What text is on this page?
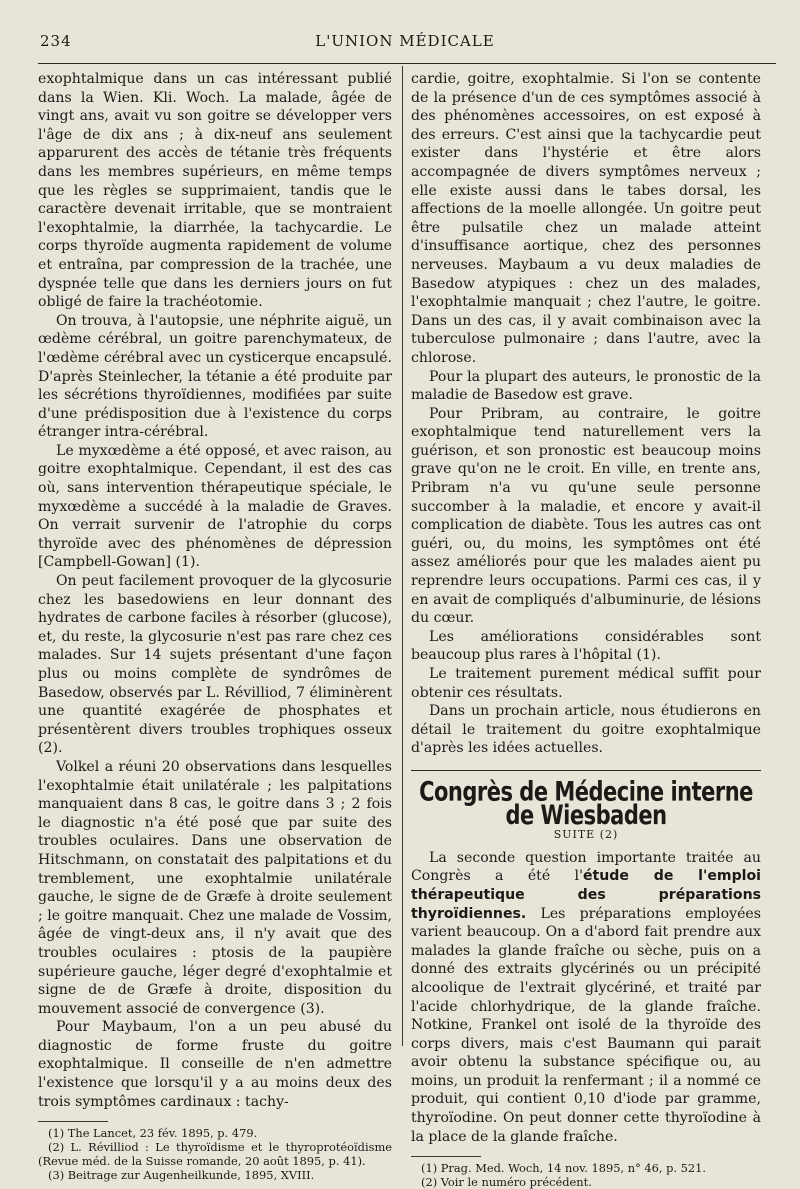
234	L'UNION MÉDICALE

exophtalmique dans un cas intéressant publié dans la Wien. Kli. Woch. La malade, âgée de vingt ans, avait vu son goitre se développer vers l'âge de dix ans ; à dix-neuf ans seulement apparurent des accès de tétanie très fréquents dans les membres supérieurs, en même temps que les règles se supprimaient, tandis que le caractère devenait irritable, que se montraient l'exophtalmie, la diarrhée, la tachycardie. Le corps thyroïde augmenta rapidement de volume et entraîna, par compression de la trachée, une dyspnée telle que dans les derniers jours on fut obligé de faire la trachéotomie.

On trouva, à l'autopsie, une néphrite aiguë, un œdème cérébral, un goitre parenchymateux, de l'œdème cérébral avec un cysticerque encapsulé. D'après Steinlecher, la tétanie a été produite par les sécrétions thyroïdiennes, modifiées par suite d'une prédisposition due à l'existence du corps étranger intra-cérébral.

Le myxœdème a été opposé, et avec raison, au goitre exophtalmique. Cependant, il est des cas où, sans intervention thérapeutique spéciale, le myxœdème a succédé à la maladie de Graves. On verrait survenir de l'atrophie du corps thyroïde avec des phénomènes de dépression [Campbell-Gowan] (1).

On peut facilement provoquer de la glycosurie chez les basedowiens en leur donnant des hydrates de carbone faciles à résorber (glucose), et, du reste, la glycosurie n'est pas rare chez ces malades. Sur 14 sujets présentant d'une façon plus ou moins complète de syndrômes de Basedow, observés par L. Révilliod, 7 éliminèrent une quantité exagérée de phosphates et présentèrent divers troubles trophiques osseux (2).

Volkel a réuni 20 observations dans lesquelles l'exophtalmie était unilatérale ; les palpitations manquaient dans 8 cas, le goitre dans 3 ; 2 fois le diagnostic n'a été posé que par suite des troubles oculaires. Dans une observation de Hitschmann, on constatait des palpitations et du tremblement, une exophtalmie unilatérale gauche, le signe de de Græfe à droite seulement ; le goitre manquait. Chez une malade de Vossim, âgée de vingt-deux ans, il n'y avait que des troubles oculaires : ptosis de la paupière supérieure gauche, léger degré d'exophtalmie et signe de de Græfe à droite, disposition du mouvement associé de convergence (3).

Pour Maybaum, l'on a un peu abusé du diagnostic de forme fruste du goitre exophtalmique. Il conseille de n'en admettre l'existence que lorsqu'il y a au moins deux des trois symptômes cardinaux : tachy-

(1) The Lancet, 23 fév. 1895, p. 479.

(2) L. Révilliod : Le thyroïdisme et le thyroprotéoïdisme (Revue méd. de la Suisse romande, 20 août 1895, p. 41).

(3) Beitrage zur Augenheilkunde, 1895, XVIII.

cardie, goitre, exophtalmie. Si l'on se contente de la présence d'un de ces symptômes associé à des phénomènes accessoires, on est exposé à des erreurs. C'est ainsi que la tachycardie peut exister dans l'hystérie et être alors accompagnée de divers symptômes nerveux ; elle existe aussi dans le tabes dorsal, les affections de la moelle allongée. Un goitre peut être pulsatile chez un malade atteint d'insuffisance aortique, chez des personnes nerveuses. Maybaum a vu deux maladies de Basedow atypiques : chez un des malades, l'exophtalmie manquait ; chez l'autre, le goitre. Dans un des cas, il y avait combinaison avec la tuberculose pulmonaire ; dans l'autre, avec la chlorose.

Pour la plupart des auteurs, le pronostic de la maladie de Basedow est grave.

Pour Pribram, au contraire, le goitre exophtalmique tend naturellement vers la guérison, et son pronostic est beaucoup moins grave qu'on ne le croit. En ville, en trente ans, Pribram n'a vu qu'une seule personne succomber à la maladie, et encore y avait-il complication de diabète. Tous les autres cas ont guéri, ou, du moins, les symptômes ont été assez améliorés pour que les malades aient pu reprendre leurs occupations. Parmi ces cas, il y en avait de compliqués d'albuminurie, de lésions du cœur.

Les améliorations considérables sont beaucoup plus rares à l'hôpital (1).

Le traitement purement médical suffit pour obtenir ces résultats.

Dans un prochain article, nous étudierons en détail le traitement du goitre exophtalmique d'après les idées actuelles.

Congrès de Médecine interne de Wiesbaden
SUITE (2)

La seconde question importante traitée au Congrès a été l'étude de l'emploi thérapeutique des préparations thyroïdiennes. Les préparations employées varient beaucoup. On a d'abord fait prendre aux malades la glande fraîche ou sèche, puis on a donné des extraits glycérinés ou un précipité alcoolique de l'extrait glycériné, et traité par l'acide chlorhydrique, de la glande fraîche. Notkine, Frankel ont isolé de la thyroïde des corps divers, mais c'est Baumann qui parait avoir obtenu la substance spécifique ou, au moins, un produit la renfermant ; il a nommé ce produit, qui contient 0,10 d'iode par gramme, thyroïodine. On peut donner cette thyroïodine à la place de la glande fraîche.

(1) Prag. Med. Woch, 14 nov. 1895, n° 46, p. 521.

(2) Voir le numéro précédent.
